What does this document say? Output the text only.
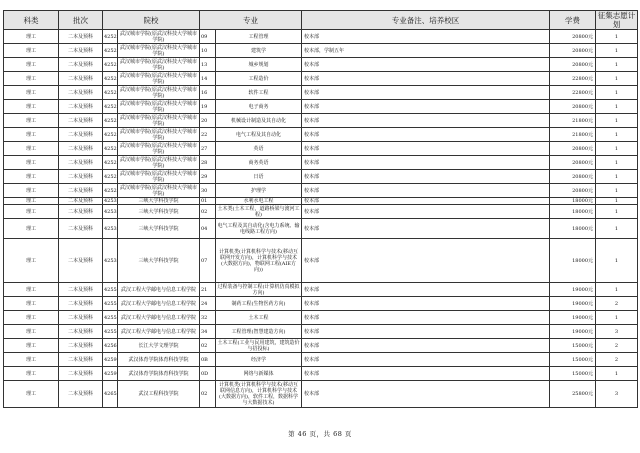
科类	批次	院校		专业		专业备注、培养校区	学费	征集志愿计划
理工	二本及预科	4252	武汉城市学院(原武汉科技大学城市学院)	09	工程管理	校本部	20800元	1
理工	二本及预科	4252	武汉城市学院(原武汉科技大学城市学院)	10	建筑学	校本部，学制五年	20800元	1
理工	二本及预科	4252	武汉城市学院(原武汉科技大学城市学院)	13	城乡规划	校本部	20800元	1
理工	二本及预科	4252	武汉城市学院(原武汉科技大学城市学院)	14	工程造价	校本部	22800元	1
理工	二本及预科	4252	武汉城市学院(原武汉科技大学城市学院)	16	软件工程	校本部	22800元	1
理工	二本及预科	4252	武汉城市学院(原武汉科技大学城市学院)	19	电子商务	校本部	20800元	1
理工	二本及预科	4252	武汉城市学院(原武汉科技大学城市学院)	20	机械设计制造及其自动化	校本部	21800元	1
理工	二本及预科	4252	武汉城市学院(原武汉科技大学城市学院)	22	电气工程及其自动化	校本部	21800元	1
理工	二本及预科	4252	武汉城市学院(原武汉科技大学城市学院)	27	英语	校本部	20800元	1
理工	二本及预科	4252	武汉城市学院(原武汉科技大学城市学院)	28	商务英语	校本部	20800元	1
理工	二本及预科	4252	武汉城市学院(原武汉科技大学城市学院)	29	日语	校本部	20800元	1
理工	二本及预科	4252	武汉城市学院(原武汉科技大学城市学院)	30	护理学	校本部	20800元	1
理工	二本及预科	4253	三峡大学科技学院	01	水利水电工程	校本部	18000元	1
理工	二本及预科	4253	三峡大学科技学院	02	土木类(土木工程，道路桥梁与渡河工程)	校本部	18000元	1
理工	二本及预科	4253	三峡大学科技学院	04	电气工程及其自动化(含电力系统、输电线路工程方向)	校本部	18000元	1
理工	二本及预科	4253	三峡大学科技学院	07	计算机类(计算机科学与技术(移动互联网开发方向)，计算机科学与技术(大数据方向)，物联网工程(AIE方向))	校本部	18000元	1
理工	二本及预科	4255	武汉工程大学邮电与信息工程学院	21	过程装备与控制工程(计算机仿真模拟方向)	校本部	19000元	1
理工	二本及预科	4255	武汉工程大学邮电与信息工程学院	24	制药工程(生物医药方向)	校本部	19000元	2
理工	二本及预科	4255	武汉工程大学邮电与信息工程学院	32	土木工程	校本部	19000元	1
理工	二本及预科	4255	武汉工程大学邮电与信息工程学院	34	工程管理(智慧建造方向)	校本部	19000元	3
理工	二本及预科	4256	长江大学文理学院	02	土木工程(工业与民用建筑，建筑造价与招投标)	校本部	15000元	2
理工	二本及预科	4259	武汉体育学院体育科技学院	0B	经济学	校本部	15000元	2
理工	二本及预科	4259	武汉体育学院体育科技学院	0D	网络与新媒体	校本部	15000元	1
理工	二本及预科	4265	武汉工程科技学院	02	计算机类(计算机科学与技术(移动互联网信息方向)，计算机科学与技术(大数据方向)，软件工程，数据科学与大数据技术)	校本部	25800元	3
第 46 页，共 68 页
